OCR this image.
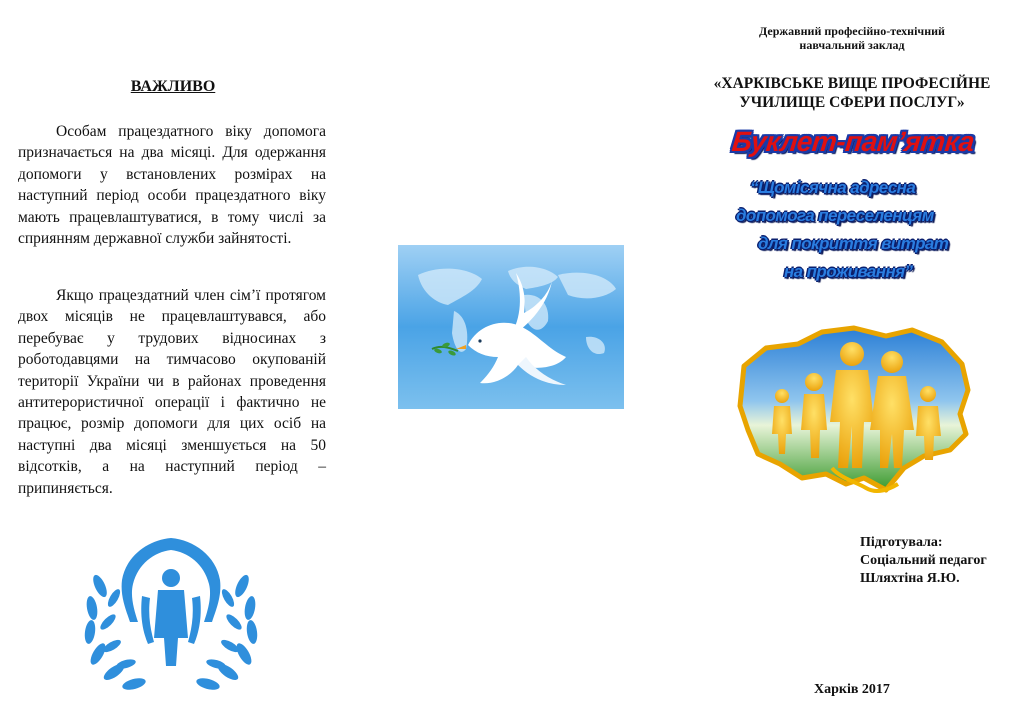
ВАЖЛИВО

Особам працездатного віку допомога призначається на два місяці. Для одержання допомоги у встановлених розмірах на наступний період особи працездатного віку мають працевлаштуватися, в тому числі за сприянням державної служби зайнятості.

Якщо працездатний член сім’ї протягом двох місяців не працевлаштувався, або перебуває у трудових відносинах з роботодавцями на тимчасово окупованій території України чи в районах проведення антитерористичної операції і фактично не працює, розмір допомоги для цих осіб на наступні два місяці зменшується на 50 відсотків, а на наступний період – припиняється.

Державний професійно-технічний
навчальний заклад
«ХАРКІВСЬКЕ ВИЩЕ ПРОФЕСІЙНЕ
УЧИЛИЩЕ СФЕРИ ПОСЛУГ»
Буклет-пам’ятка
“Щомісячна адресна
допомога переселенцям
для покриття витрат
на проживання”
Підготувала:
Соціальний педагог
Шляхтіна Я.Ю.
Харків 2017
